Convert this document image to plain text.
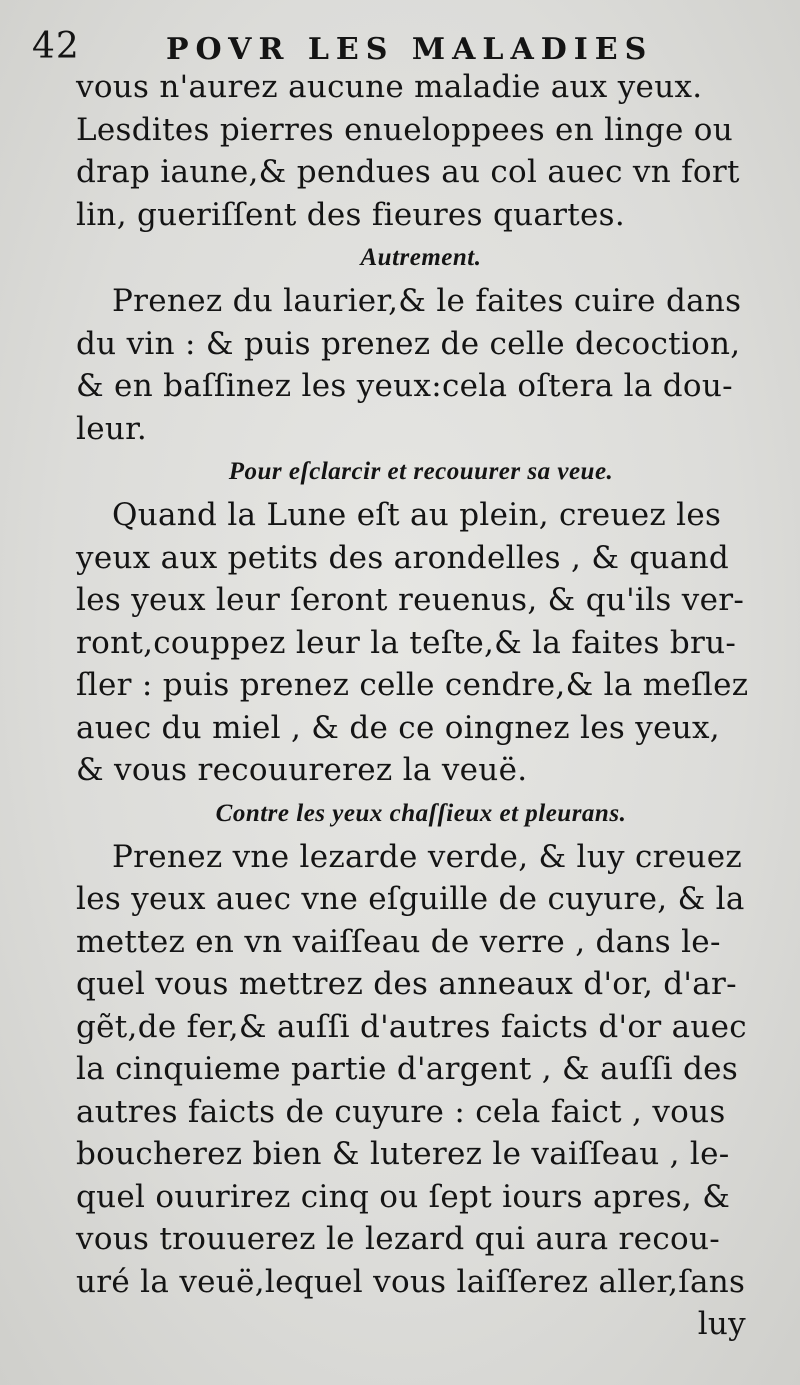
42	POVR LES MALADIES
vous n'aurez aucune maladie aux yeux.
Lesdites pierres enueloppees en linge ou
drap iaune,& pendues au col auec vn fort
lin, gueriſſent des fieures quartes.
Autrement.
Prenez du laurier,& le faites cuire dans
du vin : & puis prenez de celle decoction,
& en baſſinez les yeux:cela oſtera la dou-
leur.
Pour eſclarcir et recouurer sa veue.
Quand la Lune eſt au plein, creuez les
yeux aux petits des arondelles , & quand
les yeux leur ſeront reuenus, & qu'ils ver-
ront,couppez leur la teſte,& la faites bru-
ſler : puis prenez celle cendre,& la meſlez
auec du miel , & de ce oingnez les yeux,
& vous recouurerez la veuë.
Contre les yeux chaſſieux et pleurans.
Prenez vne lezarde verde, & luy creuez
les yeux auec vne eſguille de cuyure, & la
mettez en vn vaiſſeau de verre , dans le-
quel vous mettrez des anneaux d'or, d'ar-
gẽt,de fer,& auſſi d'autres faicts d'or auec
la cinquieme partie d'argent , & auſſi des
autres faicts de cuyure : cela faict , vous
boucherez bien & luterez le vaiſſeau , le-
quel ouurirez cinq ou ſept iours apres, &
vous trouuerez le lezard qui aura recou-
uré la veuë,lequel vous laiſſerez aller,ſans
luy
